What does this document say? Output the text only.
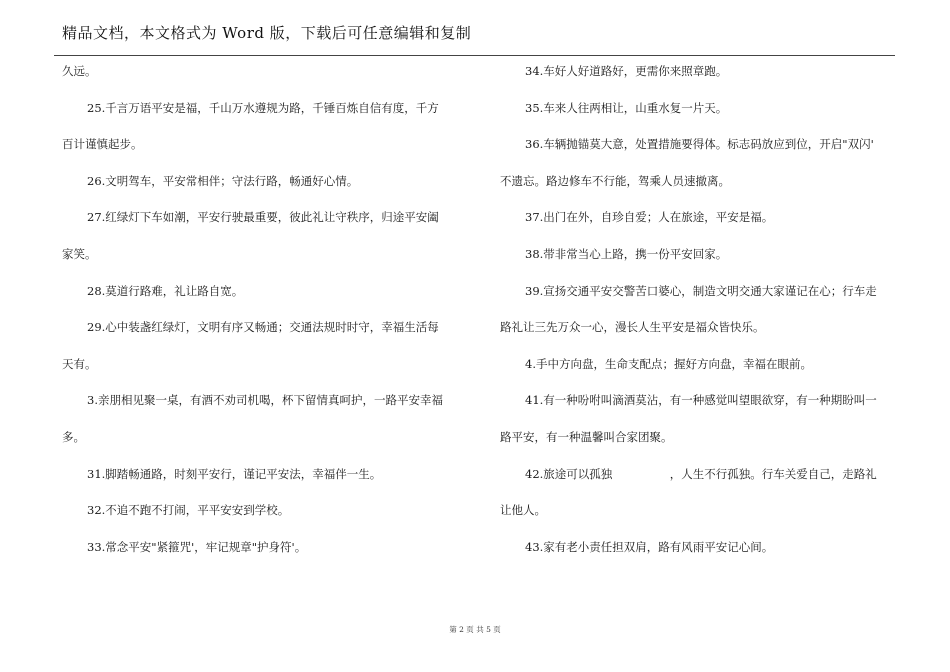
精品文档，本文格式为 Word 版，下载后可任意编辑和复制
久远。
25.千言万语平安是福，千山万水遵规为路，千锤百炼自信有度，千方
百计谨慎起步。
26.文明驾车，平安常相伴；守法行路，畅通好心情。
27.红绿灯下车如潮，平安行驶最重要，彼此礼让守秩序，归途平安阖
家笑。
28.莫道行路难，礼让路自宽。
29.心中装盏红绿灯，文明有序又畅通；交通法规时时守，幸福生活每
天有。
3.亲朋相见聚一桌，有酒不劝司机喝，杯下留情真呵护，一路平安幸福
多。
31.脚踏畅通路，时刻平安行，谨记平安法，幸福伴一生。
32.不追不跑不打闹，平平安安到学校。
33.常念平安"紧箍咒'，牢记规章"护身符'。
34.车好人好道路好，更需你来照章跑。
35.车来人往两相让，山重水复一片天。
36.车辆抛锚莫大意，处置措施要得体。标志码放应到位，开启"双闪'
不遗忘。路边修车不行能，驾乘人员速撤离。
37.出门在外，自珍自爱；人在旅途，平安是福。
38.带非常当心上路，携一份平安回家。
39.宣扬交通平安交警苦口婆心，制造文明交通大家谨记在心；行车走
路礼让三先万众一心，漫长人生平安是福众皆快乐。
4.手中方向盘，生命支配点；握好方向盘，幸福在眼前。
41.有一种吩咐叫滴酒莫沾，有一种感觉叫望眼欲穿，有一种期盼叫一
路平安，有一种温馨叫合家团聚。
42.旅途可以孤独　　　　　，人生不行孤独。行车关爱自己，走路礼
让他人。
43.家有老小责任担双肩，路有风雨平安记心间。
第 2 页 共 5 页
